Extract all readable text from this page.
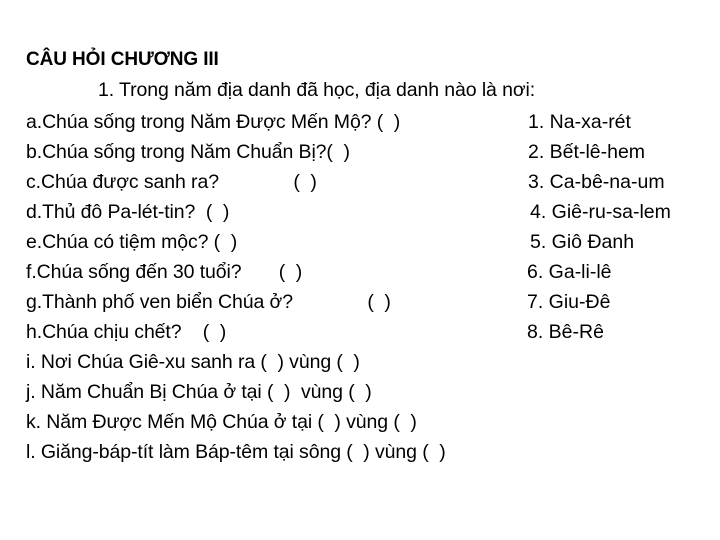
CÂU HỎI CHƯƠNG III
1. Trong năm địa danh đã học, địa danh nào là nơi:
a.Chúa sống trong Năm Được Mến Mộ? (  )
b.Chúa sống trong Năm Chuẩn Bị?(  )
c.Chúa được sanh ra?              (  )
d.Thủ đô Pa-lét-tin?  (  )
e.Chúa có tiệm mộc? (  )
f.Chúa sống đến 30 tuổi?       (  )
g.Thành phố ven biển Chúa ở?              (  )
h.Chúa chịu chết?    (  )
i. Nơi Chúa Giê-xu sanh ra (  ) vùng (  )
j. Năm Chuẩn Bị Chúa ở tại (  )  vùng (  )
k. Năm Được Mến Mộ Chúa ở tại (  ) vùng (  )
l. Giăng-báp-tít làm Báp-têm tại sông (  ) vùng (  )
1. Na-xa-rét
2. Bết-lê-hem
3. Ca-bê-na-um
4. Giê-ru-sa-lem
5. Giô Đanh
6. Ga-li-lê
7. Giu-Đê
8. Bê-Rê
